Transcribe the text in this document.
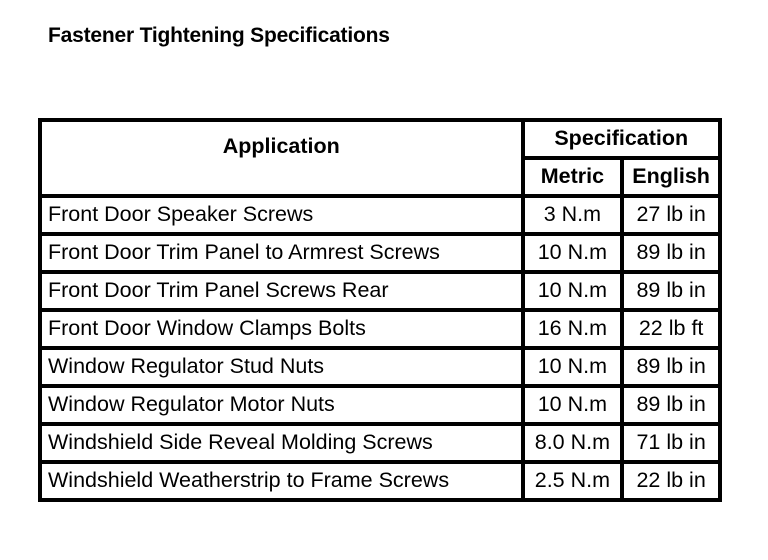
Fastener Tightening Specifications
Application	Specification	
	Metric	English
Front Door Speaker Screws	3 N.m	27 lb in
Front Door Trim Panel to Armrest Screws	10 N.m	89 lb in
Front Door Trim Panel Screws Rear	10 N.m	89 lb in
Front Door Window Clamps Bolts	16 N.m	22 lb ft
Window Regulator Stud Nuts	10 N.m	89 lb in
Window Regulator Motor Nuts	10 N.m	89 lb in
Windshield Side Reveal Molding Screws	8.0 N.m	71 lb in
Windshield Weatherstrip to Frame Screws	2.5 N.m	22 lb in
